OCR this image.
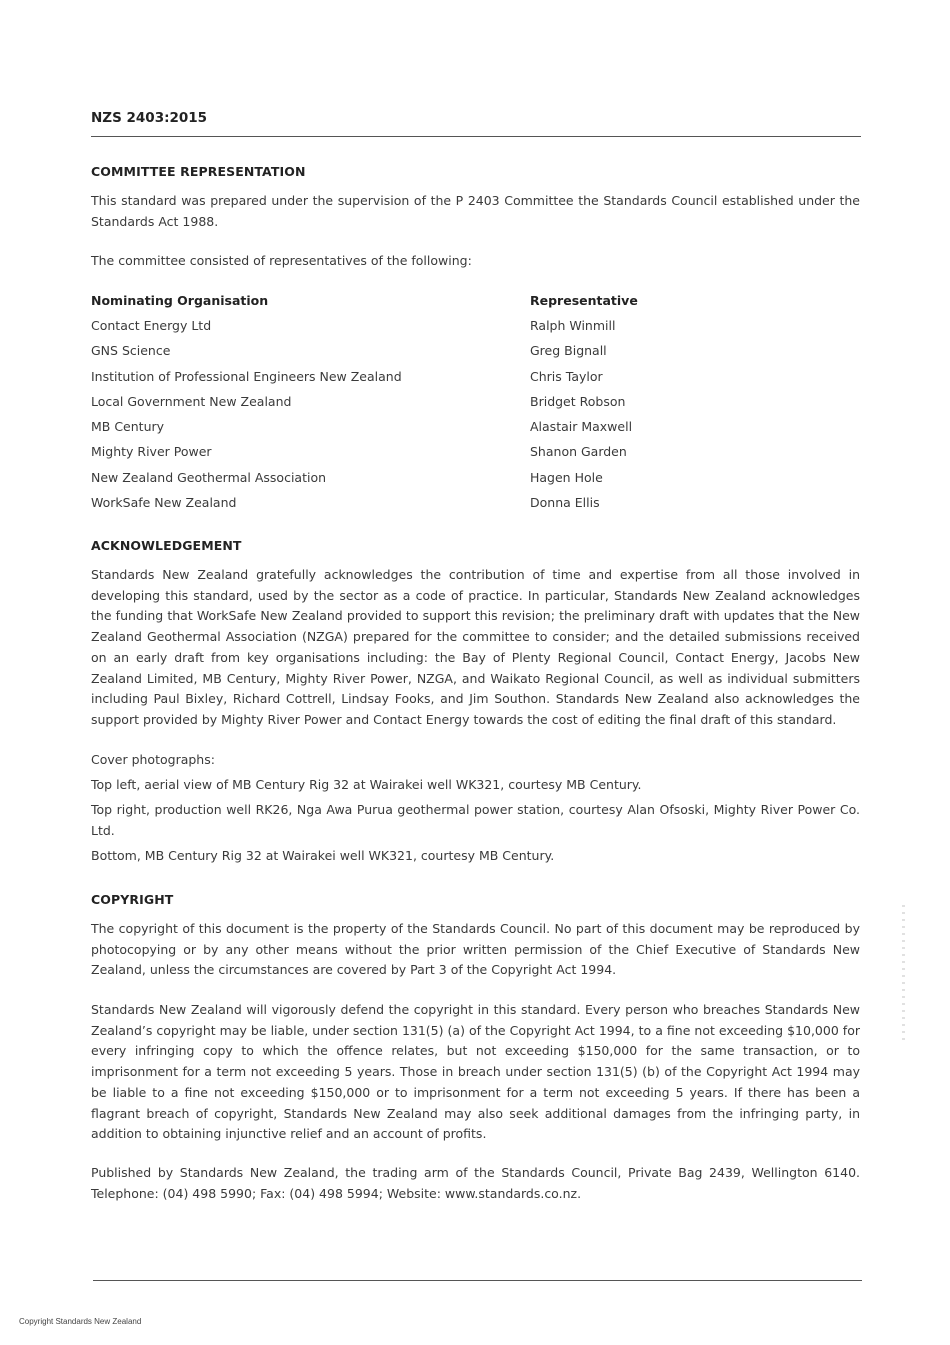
NZS 2403:2015

COMMITTEE REPRESENTATION

This standard was prepared under the supervision of the P 2403 Committee the Standards Council established under the Standards Act 1988.

The committee consisted of representatives of the following:

Nominating Organisation	Representative

Contact Energy Ltd	Ralph Winmill

GNS Science	Greg Bignall

Institution of Professional Engineers New Zealand	Chris Taylor

Local Government New Zealand	Bridget Robson

MB Century	Alastair Maxwell

Mighty River Power	Shanon Garden

New Zealand Geothermal Association	Hagen Hole

WorkSafe New Zealand	Donna Ellis

ACKNOWLEDGEMENT

Standards New Zealand gratefully acknowledges the contribution of time and expertise from all those involved in developing this standard, used by the sector as a code of practice. In particular, Standards New Zealand acknowledges the funding that WorkSafe New Zealand provided to support this revision; the preliminary draft with updates that the New Zealand Geothermal Association (NZGA) prepared for the committee to consider; and the detailed submissions received on an early draft from key organisations including: the Bay of Plenty Regional Council, Contact Energy, Jacobs New Zealand Limited, MB Century, Mighty River Power, NZGA, and Waikato Regional Council, as well as individual submitters including Paul Bixley, Richard Cottrell, Lindsay Fooks, and Jim Southon. Standards New Zealand also acknowledges the support provided by Mighty River Power and Contact Energy towards the cost of editing the final draft of this standard.

Cover photographs:

Top left, aerial view of MB Century Rig 32 at Wairakei well WK321, courtesy MB Century.

Top right, production well RK26, Nga Awa Purua geothermal power station, courtesy Alan Ofsoski, Mighty River Power Co. Ltd.

Bottom, MB Century Rig 32 at Wairakei well WK321, courtesy MB Century.

COPYRIGHT

The copyright of this document is the property of the Standards Council. No part of this document may be reproduced by photocopying or by any other means without the prior written permission of the Chief Executive of Standards New Zealand, unless the circumstances are covered by Part 3 of the Copyright Act 1994.

Standards New Zealand will vigorously defend the copyright in this standard. Every person who breaches Standards New Zealand’s copyright may be liable, under section 131(5) (a) of the Copyright Act 1994, to a fine not exceeding $10,000 for every infringing copy to which the offence relates, but not exceeding $150,000 for the same transaction, or to imprisonment for a term not exceeding 5 years. Those in breach under section 131(5) (b) of the Copyright Act 1994 may be liable to a fine not exceeding $150,000 or to imprisonment for a term not exceeding 5 years. If there has been a flagrant breach of copyright, Standards New Zealand may also seek additional damages from the infringing party, in addition to obtaining injunctive relief and an account of profits.

Published by Standards New Zealand, the trading arm of the Standards Council, Private Bag 2439, Wellington 6140. Telephone: (04) 498 5990; Fax: (04) 498 5994; Website: www.standards.co.nz.

Copyright Standards New Zealand
